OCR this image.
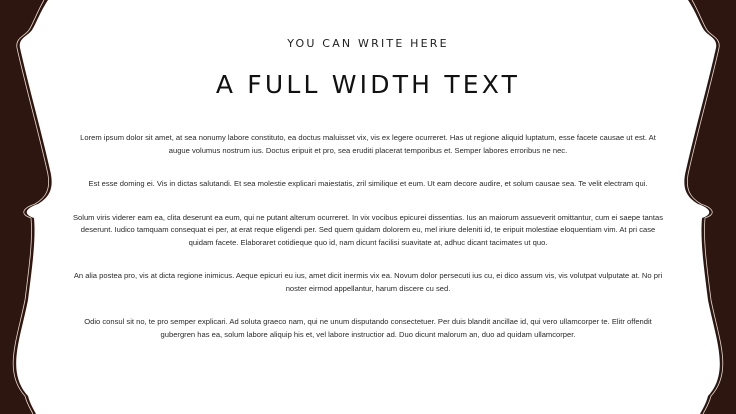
YOU CAN WRITE HERE
A FULL WIDTH TEXT

Lorem ipsum dolor sit amet, at sea nonumy labore constituto, ea doctus maluisset vix, vis ex legere ocurreret. Has ut regione aliquid luptatum, esse facete causae ut est. At augue volumus nostrum ius. Doctus eripuit et pro, sea eruditi placerat temporibus et. Semper labores erroribus ne nec.

Est esse doming ei. Vis in dictas salutandi. Et sea molestie explicari maiestatis, zril similique et eum. Ut eam decore audire, et solum causae sea. Te velit electram qui.

Solum viris viderer eam ea, clita deserunt ea eum, qui ne putant alterum ocurreret. In vix vocibus epicurei dissentias. Ius an maiorum assueverit omittantur, cum ei saepe tantas deserunt. Iudico tamquam consequat ei per, at erat reque eligendi per. Sed quem quidam dolorem eu, mel iriure deleniti id, te eripuit molestiae eloquentiam vim. At pri case quidam facete. Elaboraret cotidieque quo id, nam dicunt facilisi suavitate at, adhuc dicant tacimates ut quo.

An alia postea pro, vis at dicta regione inimicus. Aeque epicuri eu ius, amet dicit inermis vix ea. Novum dolor persecuti ius cu, ei dico assum vis, vis volutpat vulputate at. No pri noster eirmod appellantur, harum discere cu sed.

Odio consul sit no, te pro semper explicari. Ad soluta graeco nam, qui ne unum disputando consectetuer. Per duis blandit ancillae id, qui vero ullamcorper te. Elitr offendit gubergren has ea, solum labore aliquip his et, vel labore instructior ad. Duo dicunt malorum an, duo ad quidam ullamcorper.
